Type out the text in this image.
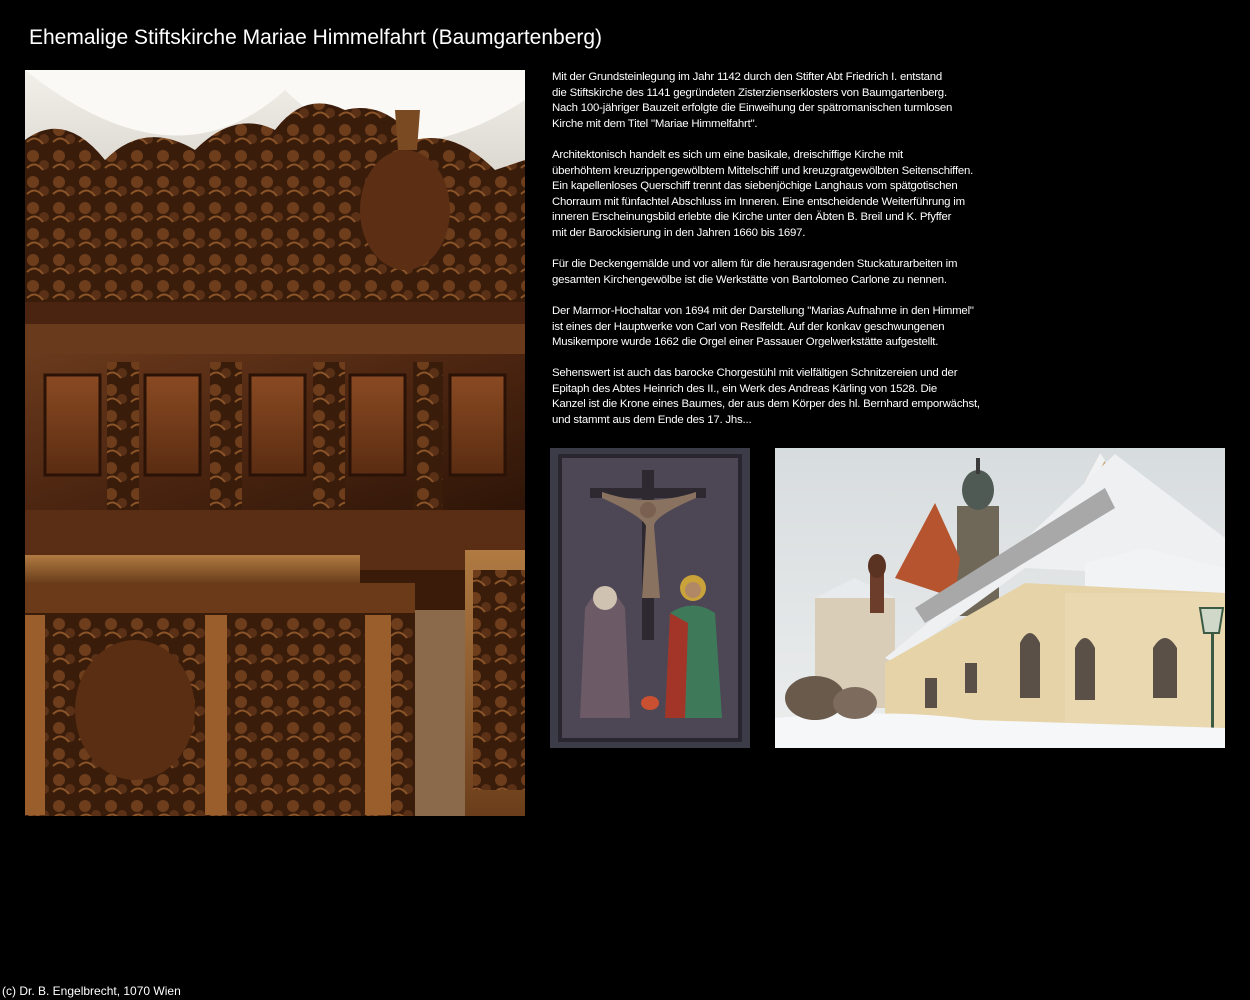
Ehemalige Stiftskirche Mariae Himmelfahrt (Baumgartenberg)

Mit der Grundsteinlegung im Jahr 1142 durch den Stifter Abt Friedrich I. entstand
die Stiftskirche des 1141 gegründeten Zisterzienserklosters von Baumgartenberg.
Nach 100-jähriger Bauzeit erfolgte die Einweihung der spätromanischen turmlosen
Kirche mit dem Titel "Mariae Himmelfahrt".

Architektonisch handelt es sich um eine basikale, dreischiffige Kirche mit
überhöhtem kreuzrippengewölbtem Mittelschiff und kreuzgratgewölbten Seitenschiffen.
Ein kapellenloses Querschiff trennt das siebenjöchige Langhaus vom spätgotischen
Chorraum mit fünfachtel Abschluss im Inneren. Eine entscheidende Weiterführung im
inneren Erscheinungsbild erlebte die Kirche unter den Äbten B. Breil und K. Pfyffer
mit der Barockisierung in den Jahren 1660 bis 1697.

Für die Deckengemälde und vor allem für die herausragenden Stuckaturarbeiten im
gesamten Kirchengewölbe ist die Werkstätte von Bartolomeo Carlone zu nennen.

Der Marmor-Hochaltar von 1694 mit der Darstellung "Marias Aufnahme in den Himmel"
ist eines der Hauptwerke von Carl von Reslfeldt. Auf der konkav geschwungenen
Musikempore wurde 1662 die Orgel einer Passauer Orgelwerkstätte aufgestellt.

Sehenswert ist auch das barocke Chorgestühl mit vielfältigen Schnitzereien und der
Epitaph des Abtes Heinrich des II., ein Werk des Andreas Kärling von 1528. Die
Kanzel ist die Krone eines Baumes, der aus dem Körper des hl. Bernhard emporwächst,
und stammt aus dem Ende des 17. Jhs...

(c) Dr. B. Engelbrecht, 1070 Wien
